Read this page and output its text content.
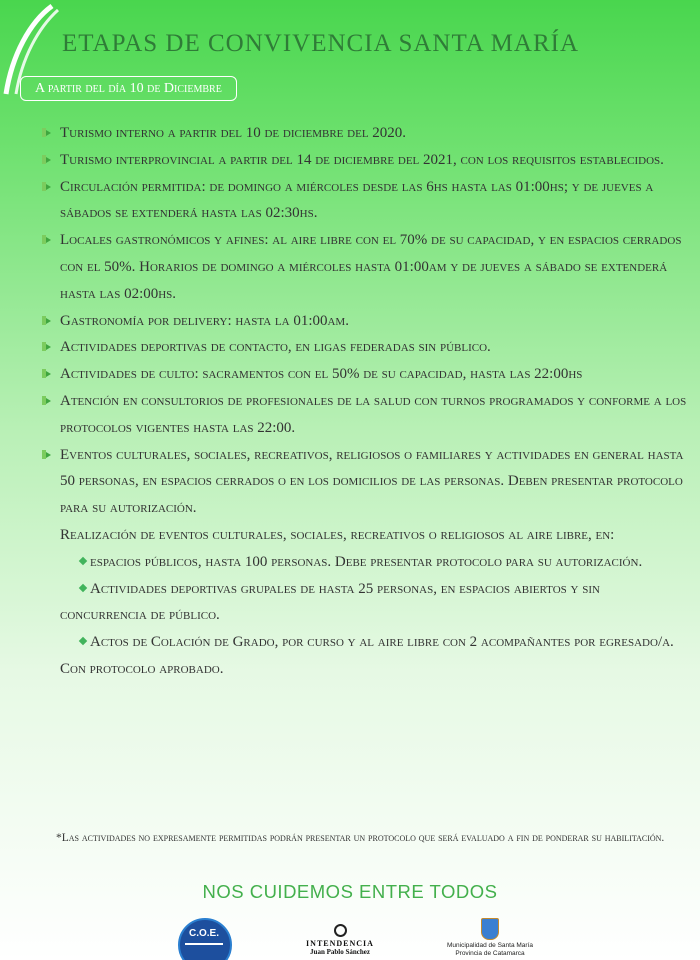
ETAPAS DE CONVIVENCIA SANTA MARÍA
A partir del día 10 de Diciembre
Turismo interno a partir del 10 de diciembre del 2020.
Turismo interprovincial a partir del 14 de diciembre del 2021, con los requisitos establecidos.
Circulación permitida: de domingo a miércoles desde las 6hs hasta las 01:00hs; y de jueves a sábados se extenderá hasta las 02:30hs.
Locales gastronómicos y afines: al aire libre con el 70% de su capacidad, y en espacios cerrados con el 50%. Horarios de domingo a miércoles hasta 01:00am y de jueves a sábado se extenderá hasta las 02:00hs.
Gastronomía por delivery: hasta la 01:00am.
Actividades deportivas de contacto, en ligas federadas sin público.
Actividades de culto: sacramentos con el 50% de su capacidad, hasta las 22:00hs
Atención en consultorios de profesionales de la salud con turnos programados y conforme a los protocolos vigentes hasta las 22:00.
Eventos culturales, sociales, recreativos, religiosos o familiares y actividades en general hasta 50 personas, en espacios cerrados o en los domicilios de las personas. Deben presentar protocolo para su autorización.
Realización de eventos culturales, sociales, recreativos o religiosos al aire libre, en:
espacios públicos, hasta 100 personas. Debe presentar protocolo para su autorización.
Actividades deportivas grupales de hasta 25 personas, en espacios abiertos y sin concurrencia de público.
Actos de Colación de Grado, por curso y al aire libre con 2 acompañantes por egresado/a. Con protocolo aprobado.
*Las actividades no expresamente permitidas podrán presentar un protocolo que será evaluado a fin de ponderar su habilitación.
NOS CUIDEMOS ENTRE TODOS
C.O.E.
INTENDENCIA
Juan Pablo Sánchez
Municipalidad de Santa María
Provincia de Catamarca
